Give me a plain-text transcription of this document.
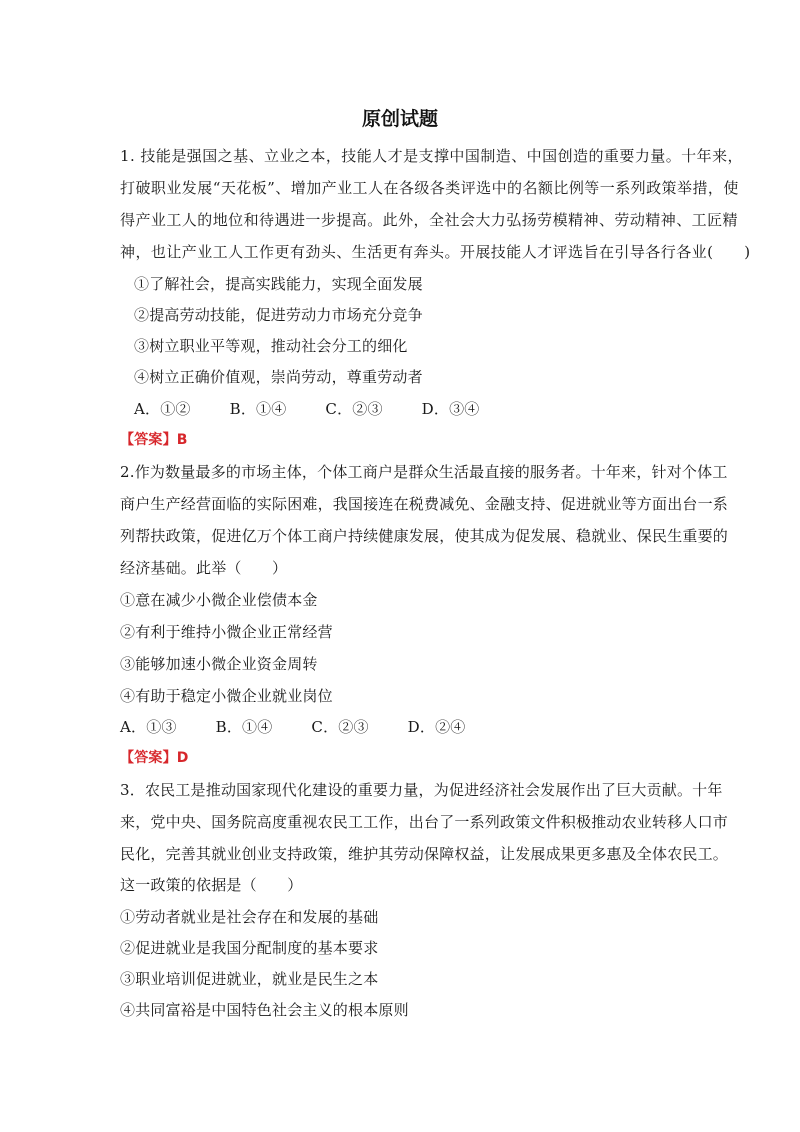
原创试题
1. 技能是强国之基、立业之本，技能人才是支撑中国制造、中国创造的重要力量。十年来，
打破职业发展“天花板”、增加产业工人在各级各类评选中的名额比例等一系列政策举措，使
得产业工人的地位和待遇进一步提高。此外，全社会大力弘扬劳模精神、劳动精神、工匠精
神，也让产业工人工作更有劲头、生活更有奔头。开展技能人才评选旨在引导各行各业(　　)
①了解社会，提高实践能力，实现全面发展
②提高劳动技能，促进劳动力市场充分竞争
③树立职业平等观，推动社会分工的细化
④树立正确价值观，崇尚劳动，尊重劳动者
A．①②	B．①④	C．②③	D．③④
【答案】B
2.作为数量最多的市场主体，个体工商户是群众生活最直接的服务者。十年来，针对个体工
商户生产经营面临的实际困难，我国接连在税费减免、金融支持、促进就业等方面出台一系
列帮扶政策，促进亿万个体工商户持续健康发展，使其成为促发展、稳就业、保民生重要的
经济基础。此举（　　）
①意在减少小微企业偿债本金
②有利于维持小微企业正常经营
③能够加速小微企业资金周转
④有助于稳定小微企业就业岗位
A．①③	B．①④	C．②③	D．②④
【答案】D
3．农民工是推动国家现代化建设的重要力量，为促进经济社会发展作出了巨大贡献。十年
来，党中央、国务院高度重视农民工工作，出台了一系列政策文件积极推动农业转移人口市
民化，完善其就业创业支持政策，维护其劳动保障权益，让发展成果更多惠及全体农民工。
这一政策的依据是（　　）
①劳动者就业是社会存在和发展的基础
②促进就业是我国分配制度的基本要求
③职业培训促进就业，就业是民生之本
④共同富裕是中国特色社会主义的根本原则
